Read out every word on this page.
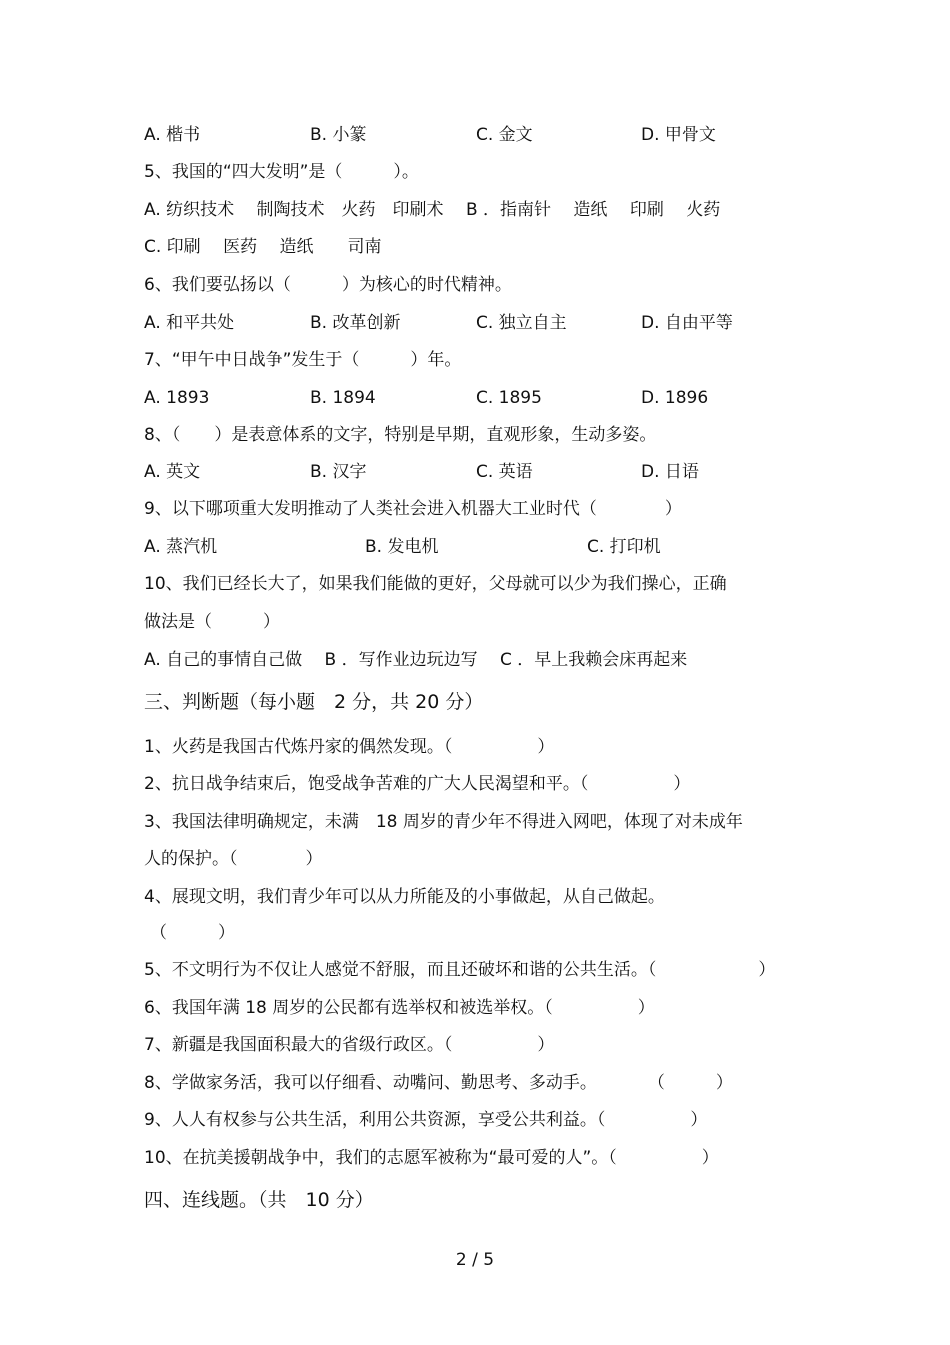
A. 楷书	B. 小篆	C. 金文	D. 甲骨文
5、我国的“四大发明”是（　　　）。
A. 纺织技术　 制陶技术　火药　印刷术　 B ．指南针　 造纸　 印刷　 火药
C. 印刷　 医药　 造纸　　司南
6、我们要弘扬以（　　　）为核心的时代精神。
A. 和平共处	B. 改革创新	C. 独立自主	D. 自由平等
7、“甲午中日战争”发生于（　　　）年。
A. 1893	B. 1894	C. 1895	D. 1896
8、（　　）是表意体系的文字，特别是早期，直观形象，生动多姿。
A. 英文	B. 汉字	C. 英语	D. 日语
9、以下哪项重大发明推动了人类社会进入机器大工业时代（　　　　）
A. 蒸汽机	B. 发电机	C. 打印机
10、我们已经长大了，如果我们能做的更好，父母就可以少为我们操心，正确
做法是（　　　）
A. 自己的事情自己做　 B ．写作业边玩边写　 C ．早上我赖会床再起来
三、判断题（每小题　2 分，共 20 分）
1、火药是我国古代炼丹家的偶然发现。（　　　　　）
2、抗日战争结束后，饱受战争苦难的广大人民渴望和平。（　　　　　）
3、我国法律明确规定，未满　18 周岁的青少年不得进入网吧，体现了对未成年
人的保护。（　　　　）
4、展现文明，我们青少年可以从力所能及的小事做起，从自己做起。
（　　　）
5、不文明行为不仅让人感觉不舒服，而且还破坏和谐的公共生活。（　　　　　　）
6、我国年满 18 周岁的公民都有选举权和被选举权。（　　　　　）
7、新疆是我国面积最大的省级行政区。（　　　　　）
8、学做家务活，我可以仔细看、动嘴问、勤思考、多动手。　　　　（　　　）
9、人人有权参与公共生活，利用公共资源，享受公共利益。（　　　　　）
10、在抗美援朝战争中，我们的志愿军被称为“最可爱的人”。（　　　　　）
四、连线题。（共　10 分）
2 / 5
